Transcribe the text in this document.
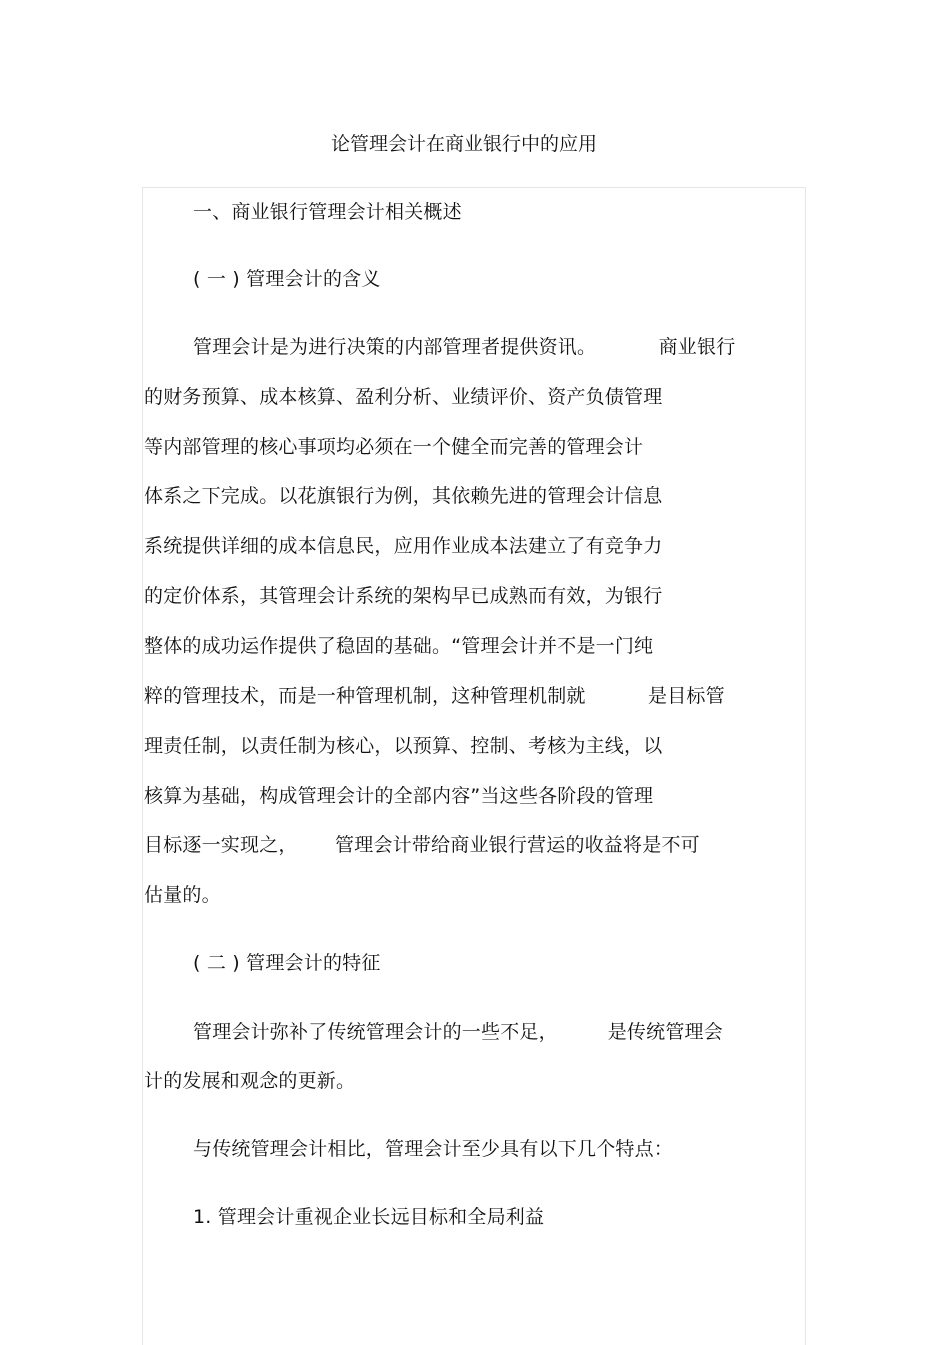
论管理会计在商业银行中的应用
一、商业银行管理会计相关概述
( 一 ) 管理会计的含义
管理会计是为进行决策的内部管理者提供资讯。          商业银行
的财务预算、成本核算、盈利分析、业绩评价、资产负债管理
等内部管理的核心事项均必须在一个健全而完善的管理会计
体系之下完成。以花旗银行为例，其依赖先进的管理会计信息
系统提供详细的成本信息民，应用作业成本法建立了有竞争力
的定价体系，其管理会计系统的架构早已成熟而有效，为银行
整体的成功运作提供了稳固的基础。“管理会计并不是一门纯
粹的管理技术，而是一种管理机制，这种管理机制就          是目标管
理责任制，以责任制为核心，以预算、控制、考核为主线，以
核算为基础，构成管理会计的全部内容”当这些各阶段的管理
目标逐一实现之，      管理会计带给商业银行营运的收益将是不可
估量的。
( 二 ) 管理会计的特征
管理会计弥补了传统管理会计的一些不足，        是传统管理会
计的发展和观念的更新。
与传统管理会计相比，管理会计至少具有以下几个特点：
1. 管理会计重视企业长远目标和全局利益
